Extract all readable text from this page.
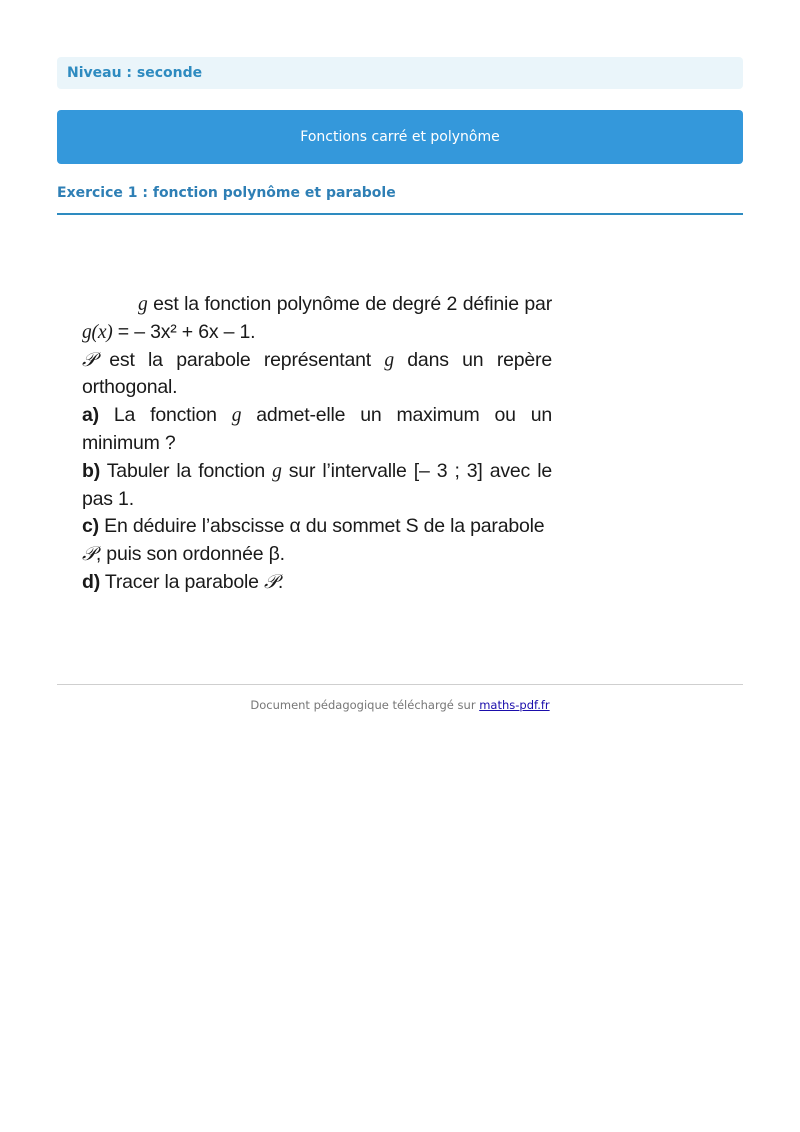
Niveau : seconde
Fonctions carré et polynôme
Exercice 1 : fonction polynôme et parabole

g est la fonction polynôme de degré 2 définie par g(x) = – 3x² + 6x – 1.

𝒫 est la parabole représentant g dans un repère orthogonal.

a) La fonction g admet-elle un maximum ou un minimum ?

b) Tabuler la fonction g sur l’intervalle [– 3 ; 3] avec le pas 1.

c) En déduire l’abscisse α du sommet S de la parabole 𝒫, puis son ordonnée β.

d) Tracer la parabole 𝒫.

Document pédagogique téléchargé sur maths-pdf.fr
